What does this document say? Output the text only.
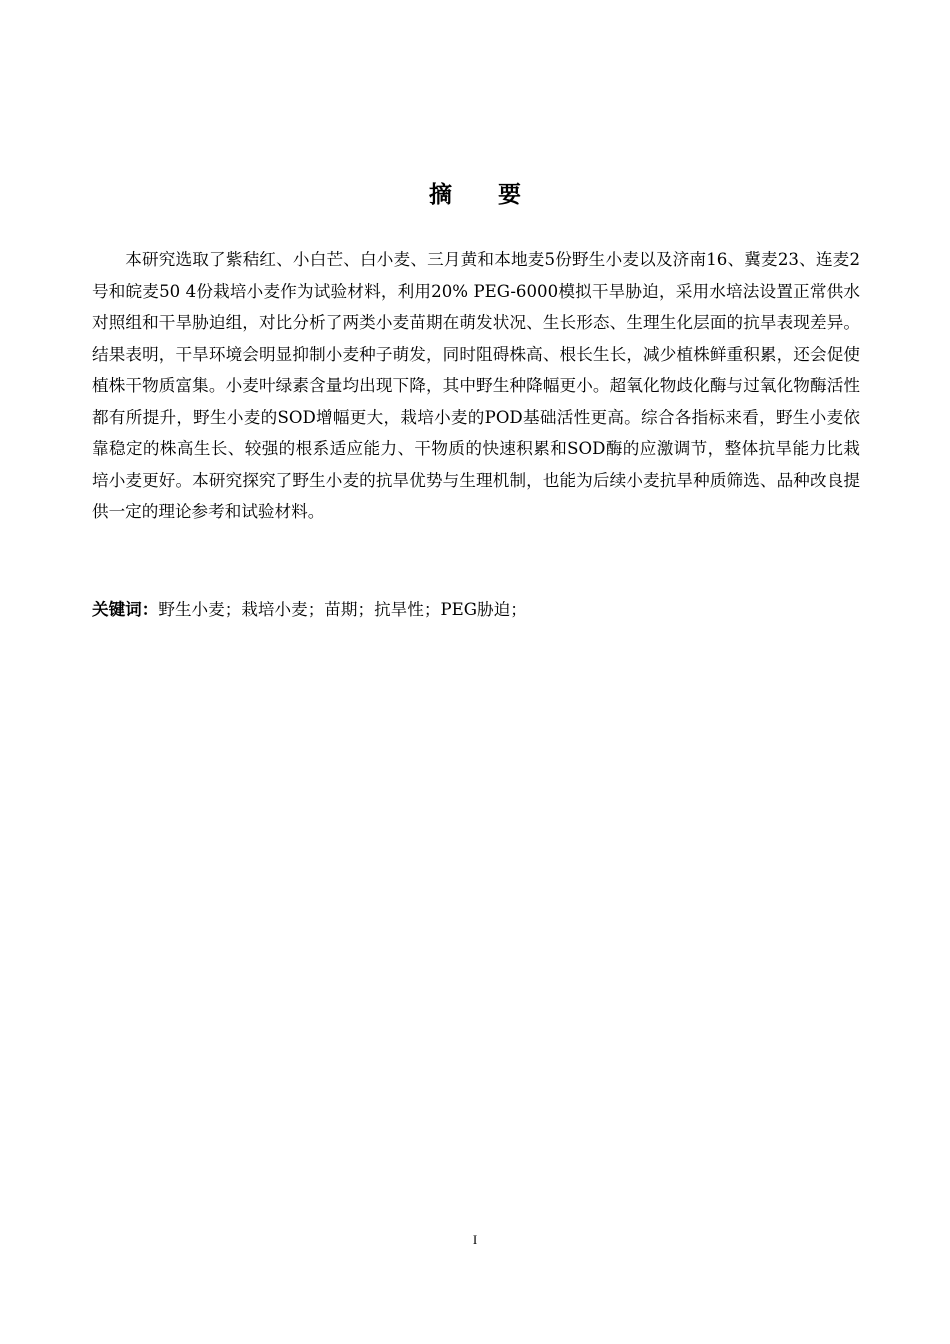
摘 要

本研究选取了紫秸红、小白芒、白小麦、三月黄和本地麦5份野生小麦以及济南16、冀麦23、连麦2号和皖麦50 4份栽培小麦作为试验材料，利用20% PEG-6000模拟干旱胁迫，采用水培法设置正常供水对照组和干旱胁迫组，对比分析了两类小麦苗期在萌发状况、生长形态、生理生化层面的抗旱表现差异。结果表明，干旱环境会明显抑制小麦种子萌发，同时阻碍株高、根长生长，减少植株鲜重积累，还会促使植株干物质富集。小麦叶绿素含量均出现下降，其中野生种降幅更小。超氧化物歧化酶与过氧化物酶活性都有所提升，野生小麦的SOD增幅更大，栽培小麦的POD基础活性更高。综合各指标来看，野生小麦依靠稳定的株高生长、较强的根系适应能力、干物质的快速积累和SOD酶的应激调节，整体抗旱能力比栽培小麦更好。本研究探究了野生小麦的抗旱优势与生理机制，也能为后续小麦抗旱种质筛选、品种改良提供一定的理论参考和试验材料。

关键词：野生小麦；栽培小麦；苗期；抗旱性；PEG胁迫；

I
